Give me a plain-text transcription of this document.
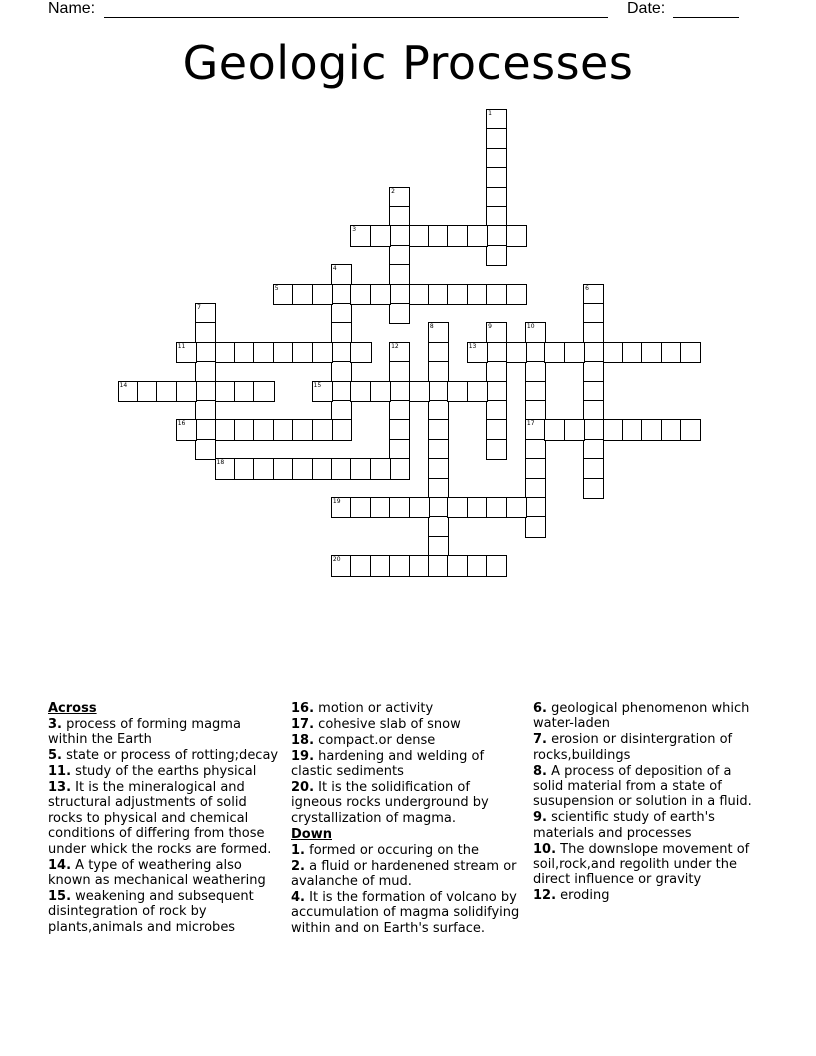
Name:	Date:
Geologic Processes
1
2
3
4
5	6
7
8	9	10
17
11	12	13
14	15
16
18
19
20
Across
3. process of forming magma within the Earth
5. state or process of rotting;decay
11. study of the earths physical
13. It is the mineralogical and structural adjustments of solid rocks to physical and chemical conditions of differing from those under whick the rocks are formed.
14. A type of weathering also known as mechanical weathering
15. weakening and subsequent disintegration of rock by plants,animals and microbes
16. motion or activity
17. cohesive slab of snow
18. compact.or dense
19. hardening and welding of clastic sediments
20. It is the solidification of igneous rocks underground by crystallization of magma.
Down
1. formed or occuring on the
2. a fluid or hardenened stream or avalanche of mud.
4. It is the formation of volcano by accumulation of magma solidifying within and on Earth's surface.
6. geological phenomenon which water-laden
7. erosion or disintergration of rocks,buildings
8. A process of deposition of a solid material from a state of susupension or solution in a fluid.
9. scientific study of earth's materials and processes
10. The downslope movement of soil,rock,and regolith under the direct influence or gravity
12. eroding
